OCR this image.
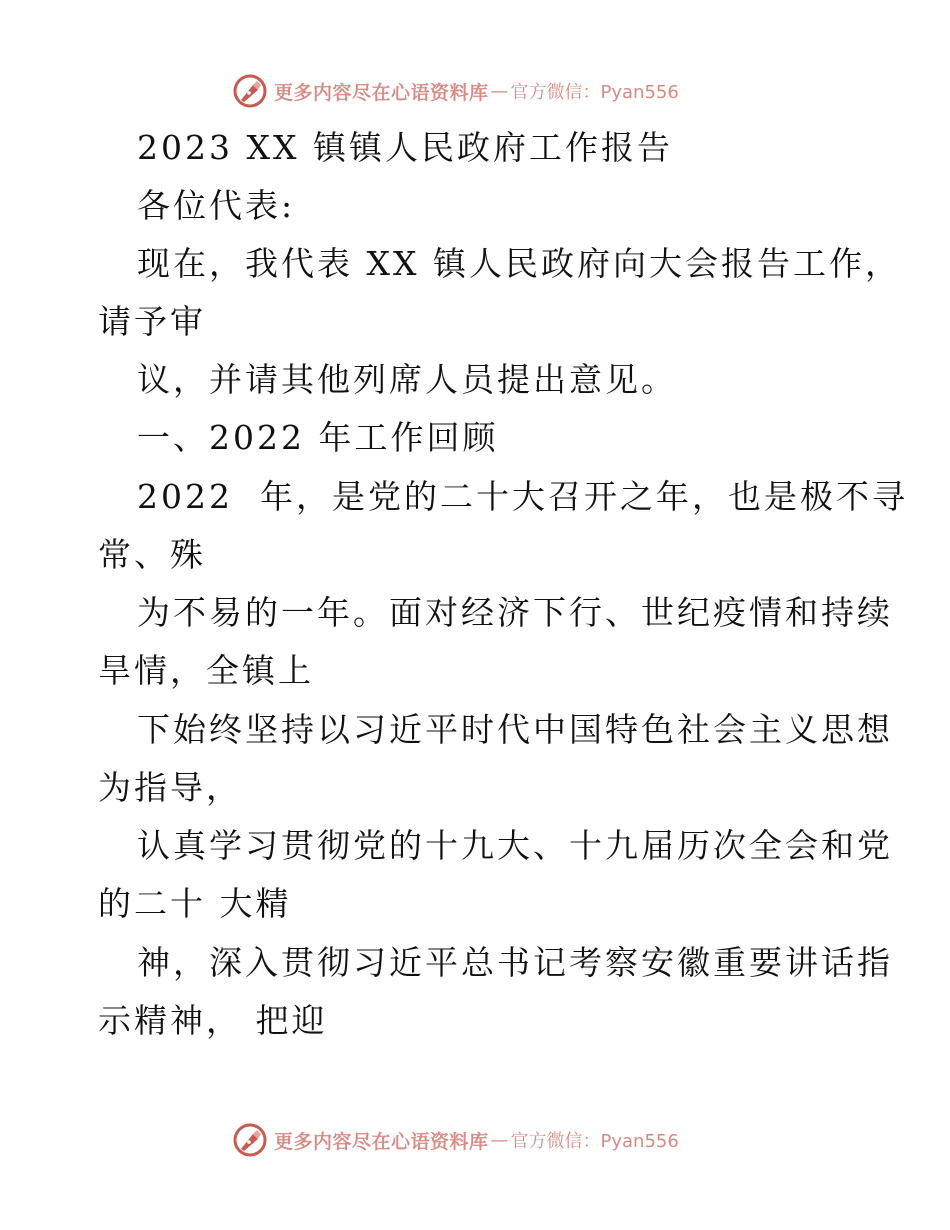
更多内容尽在心语资料库 — 官方微信：Pyan556
2023 XX 镇镇人民政府工作报告
各位代表:
现在，我代表 XX 镇人民政府向大会报告工作，
请予审
议，并请其他列席人员提出意见。
一、2022 年工作回顾
2022  年，是党的二十大召开之年，也是极不寻
常、殊
为不易的一年。面对经济下行、世纪疫情和持续
旱情，全镇上
下始终坚持以习近平时代中国特色社会主义思想
为指导，
认真学习贯彻党的十九大、十九届历次全会和党
的二十 大精
神，深入贯彻习近平总书记考察安徽重要讲话指
示精神， 把迎
更多内容尽在心语资料库 — 官方微信：Pyan556
